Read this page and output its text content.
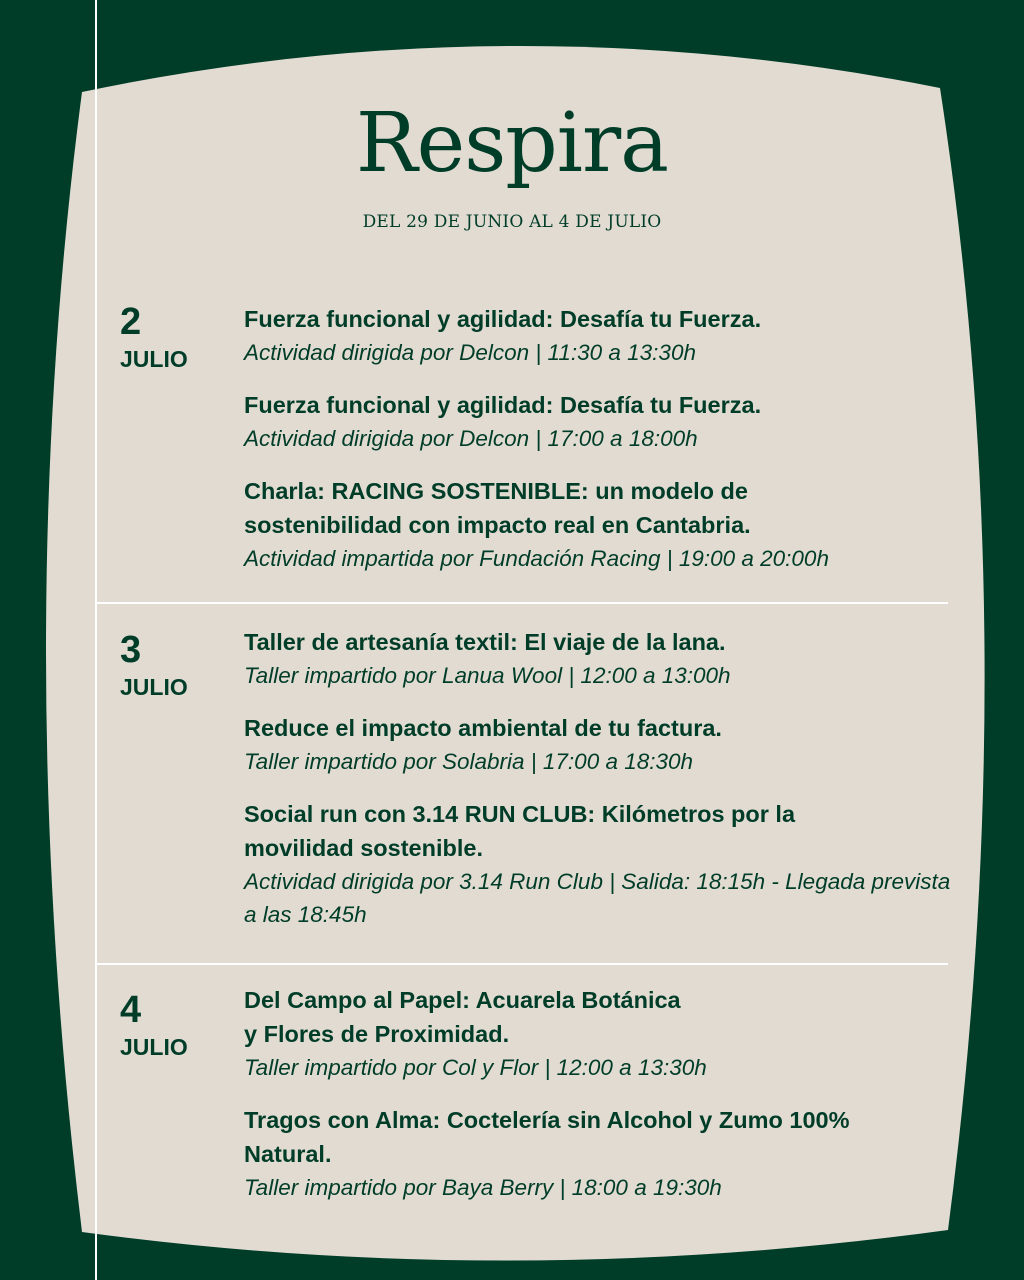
Respira
DEL 29 DE JUNIO AL 4 DE JULIO
2
JULIO
Fuerza funcional y agilidad: Desafía tu Fuerza.
Actividad dirigida por Delcon | 11:30 a 13:30h
Fuerza funcional y agilidad: Desafía tu Fuerza.
Actividad dirigida por Delcon | 17:00 a 18:00h
Charla: RACING SOSTENIBLE: un modelo de
sostenibilidad con impacto real en Cantabria.
Actividad impartida por Fundación Racing | 19:00 a 20:00h
3
JULIO
Taller de artesanía textil: El viaje de la lana.
Taller impartido por Lanua Wool | 12:00 a 13:00h
Reduce el impacto ambiental de tu factura.
Taller impartido por Solabria | 17:00 a 18:30h
Social run con 3.14 RUN CLUB: Kilómetros por la
movilidad sostenible.
Actividad dirigida por 3.14 Run Club | Salida: 18:15h - Llegada prevista a las 18:45h
4
JULIO
Del Campo al Papel: Acuarela Botánica
y Flores de Proximidad.
Taller impartido por Col y Flor | 12:00 a 13:30h
Tragos con Alma: Coctelería sin Alcohol y Zumo 100%
Natural.
Taller impartido por Baya Berry | 18:00 a 19:30h
